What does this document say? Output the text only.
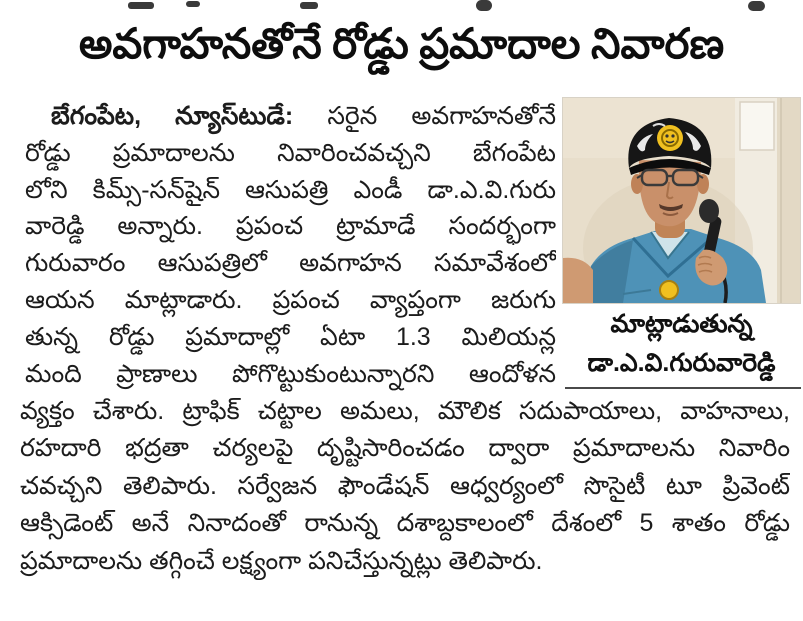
అవగాహనతోనే రోడ్డు ప్రమాదాల నివారణ
బేగంపేట, న్యూస్‌టుడే: సరైన అవగాహనతోనే
రోడ్డు ప్రమాదాలను నివారించవచ్చని బేగంపేట
లోని కిమ్స్-సన్‌షైన్ ఆసుపత్రి ఎండీ డా.ఎ.వి.గురు
వారెడ్డి అన్నారు. ప్రపంచ ట్రామాడే సందర్భంగా
గురువారం ఆసుపత్రిలో అవగాహన సమావేశంలో
ఆయన మాట్లాడారు. ప్రపంచ వ్యాప్తంగా జరుగు
తున్న రోడ్డు ప్రమాదాల్లో ఏటా 1.3 మిలియన్ల
మంది ప్రాణాలు పోగొట్టుకుంటున్నారని ఆందోళన
వ్యక్తం చేశారు. ట్రాఫిక్ చట్టాల అమలు, మౌలిక సదుపాయాలు, వాహనాలు,
రహదారి భద్రతా చర్యలపై దృష్టిసారించడం ద్వారా ప్రమాదాలను నివారిం
చవచ్చని తెలిపారు. సర్వేజన ఫౌండేషన్ ఆధ్వర్యంలో సొసైటీ టూ ప్రివెంట్
ఆక్సిడెంట్ అనే నినాదంతో రానున్న దశాబ్దకాలంలో దేశంలో 5 శాతం రోడ్డు
ప్రమాదాలను తగ్గించే లక్ష్యంగా పనిచేస్తున్నట్లు తెలిపారు.
మాట్లాడుతున్న
డా.ఎ.వి.గురువారెడ్డి
